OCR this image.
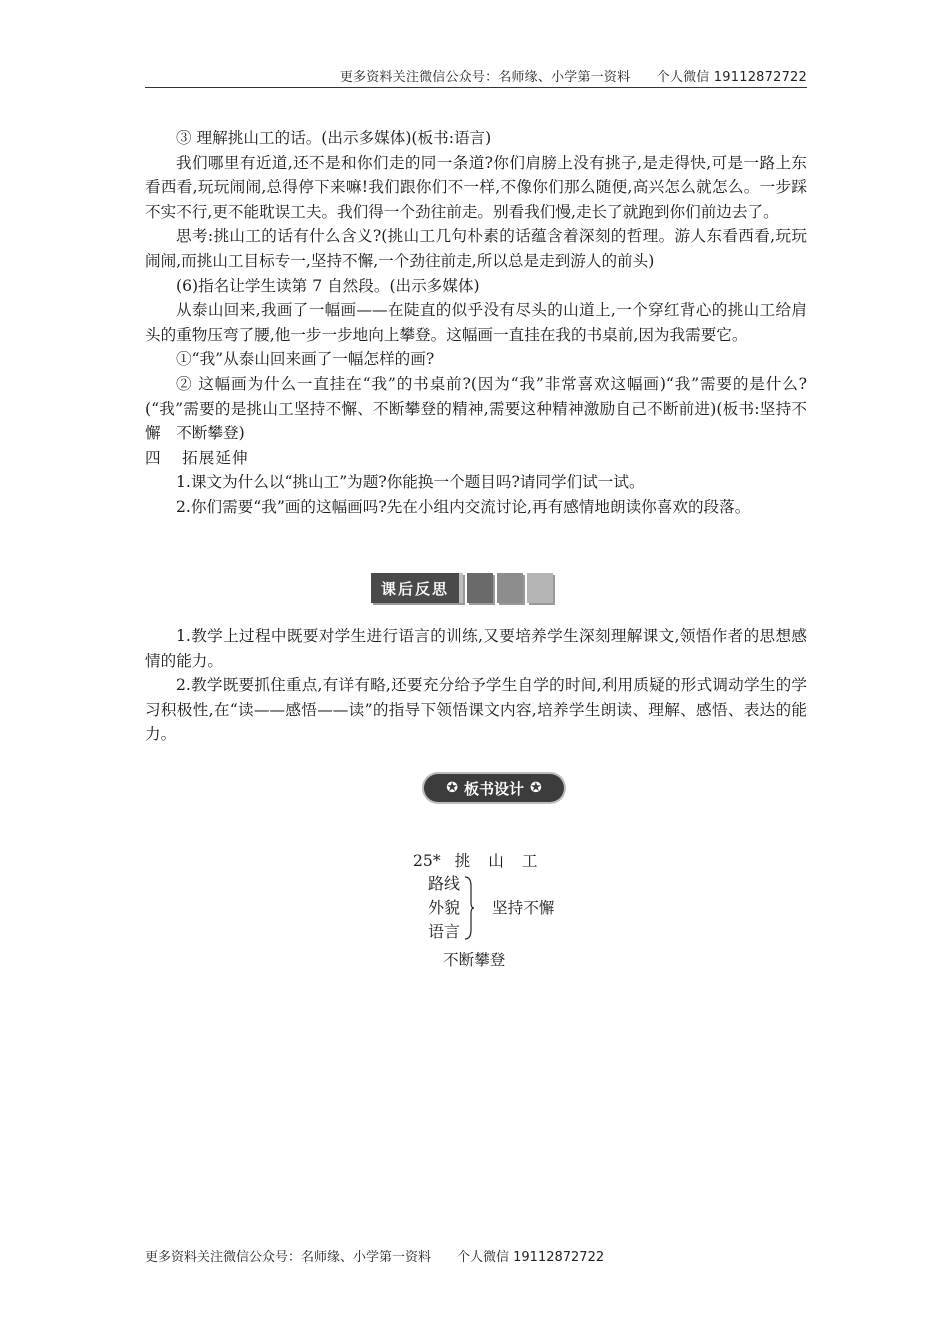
更多资料关注微信公众号：名师缘、小学第一资料　　个人微信 19112872722

③ 理解挑山工的话。(出示多媒体)(板书:语言)

我们哪里有近道,还不是和你们走的同一条道?你们肩膀上没有挑子,是走得快,可是一路上东看西看,玩玩闹闹,总得停下来嘛!我们跟你们不一样,不像你们那么随便,高兴怎么就怎么。一步踩不实不行,更不能耽误工夫。我们得一个劲往前走。别看我们慢,走长了就跑到你们前边去了。

思考:挑山工的话有什么含义?(挑山工几句朴素的话蕴含着深刻的哲理。游人东看西看,玩玩闹闹,而挑山工目标专一,坚持不懈,一个劲往前走,所以总是走到游人的前头)

(6)指名让学生读第 7 自然段。(出示多媒体)

从泰山回来,我画了一幅画——在陡直的似乎没有尽头的山道上,一个穿红背心的挑山工给肩头的重物压弯了腰,他一步一步地向上攀登。这幅画一直挂在我的书桌前,因为我需要它。

①“我”从泰山回来画了一幅怎样的画?

② 这幅画为什么一直挂在“我”的书桌前?(因为“我”非常喜欢这幅画)“我”需要的是什么?(“我”需要的是挑山工坚持不懈、不断攀登的精神,需要这种精神激励自己不断前进)(板书:坚持不懈　不断攀登)

四　 拓展延伸

1.课文为什么以“挑山工”为题?你能换一个题目吗?请同学们试一试。

2.你们需要“我”画的这幅画吗?先在小组内交流讨论,再有感情地朗读你喜欢的段落。

课后反思

1.教学上过程中既要对学生进行语言的训练,又要培养学生深刻理解课文,领悟作者的思想感情的能力。

2.教学既要抓住重点,有详有略,还要充分给予学生自学的时间,利用质疑的形式调动学生的学习积极性,在“读——感悟——读”的指导下领悟课文内容,培养学生朗读、理解、感悟、表达的能力。

✪ 板书设计 ✪
25* 挑 山 工
路线
外貌
语言
坚持不懈
不断攀登
更多资料关注微信公众号：名师缘、小学第一资料　　个人微信 19112872722
